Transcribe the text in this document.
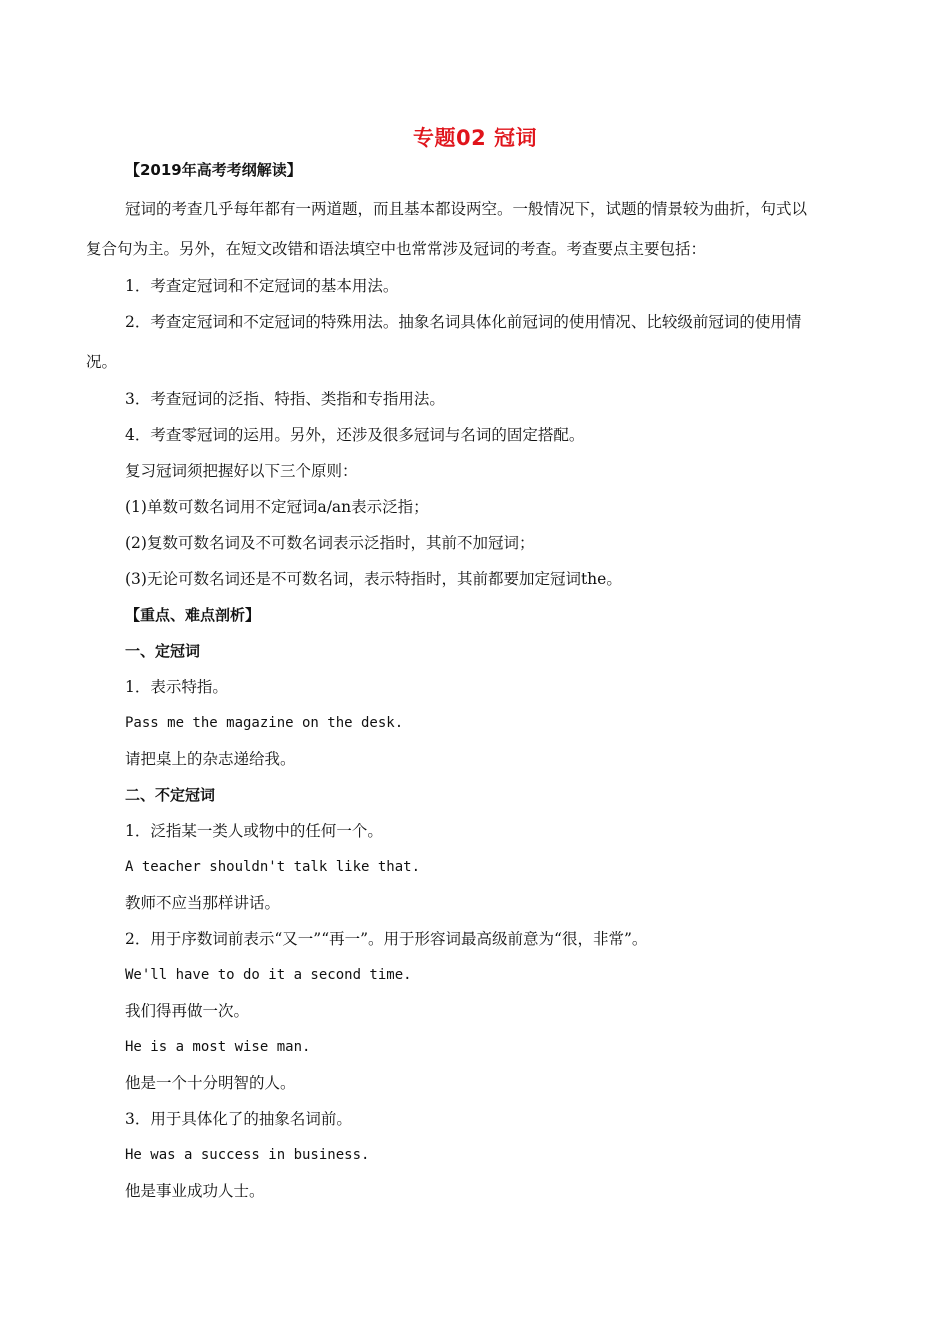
专题02 冠词
【2019年高考考纲解读】
冠词的考查几乎每年都有一两道题，而且基本都设两空。一般情况下，试题的情景较为曲折，句式以
复合句为主。另外，在短文改错和语法填空中也常常涉及冠词的考查。考查要点主要包括：
1．考查定冠词和不定冠词的基本用法。
2．考查定冠词和不定冠词的特殊用法。抽象名词具体化前冠词的使用情况、比较级前冠词的使用情
况。
3．考查冠词的泛指、特指、类指和专指用法。
4．考查零冠词的运用。另外，还涉及很多冠词与名词的固定搭配。
复习冠词须把握好以下三个原则：
(1)单数可数名词用不定冠词a/an表示泛指；
(2)复数可数名词及不可数名词表示泛指时，其前不加冠词；
(3)无论可数名词还是不可数名词，表示特指时，其前都要加定冠词the。
【重点、难点剖析】
一、定冠词
1．表示特指。
Pass me the magazine on the desk.
请把桌上的杂志递给我。
二、不定冠词
1．泛指某一类人或物中的任何一个。
A teacher shouldn't talk like that.
教师不应当那样讲话。
2．用于序数词前表示“又一”“再一”。用于形容词最高级前意为“很，非常”。
We'll have to do it a second time.
我们得再做一次。
He is a most wise man.
他是一个十分明智的人。
3．用于具体化了的抽象名词前。
He was a success in business.
他是事业成功人士。
